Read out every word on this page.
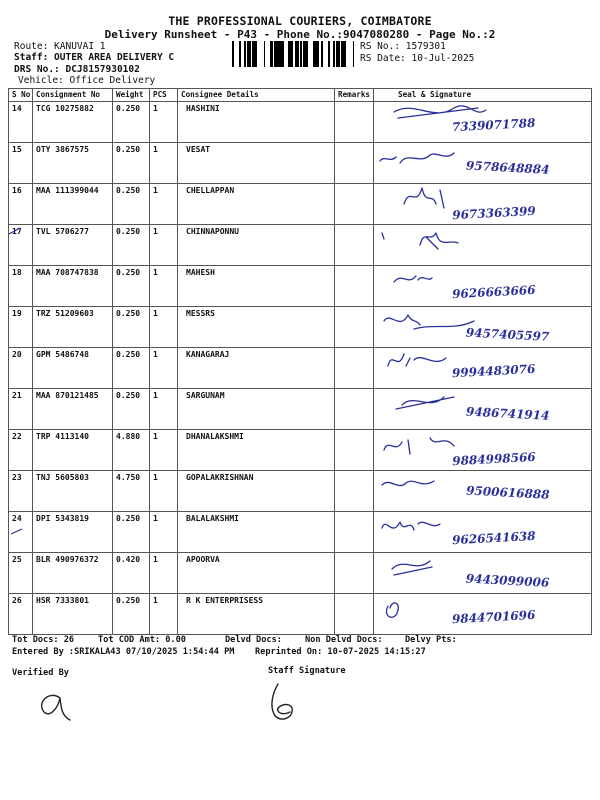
THE PROFESSIONAL COURIERS, COIMBATORE
Delivery Runsheet - P43 - Phone No.:9047080280 - Page No.:2
Route: KANUVAI 1
Staff: OUTER AREA DELIVERY C
DRS No.: DCJ8157930102
Vehicle: Office Delivery
RS No.: 1579301
RS Date: 10-Jul-2025
S No	Consignment No	Weight	PCS	Consignee Details	Remarks	Seal & Signature
14	TCG 10275882	0.250	1	HASHINI		7339071788

15	OTY 3867575	0.250	1	VESAT		9578648884

16	MAA 111399044	0.250	1	CHELLAPPAN		9673363399

17	TVL 5706277	0.250	1	CHINNAPONNU		

18	MAA 708747838	0.250	1	MAHESH		9626663666

19	TRZ 51209603	0.250	1	MESSRS		9457405597

20	GPM 5486748	0.250	1	KANAGARAJ		9994483076

21	MAA 870121485	0.250	1	SARGUNAM		9486741914

22	TRP 4113140	4.880	1	DHANALAKSHMI		9884998566

23	TNJ 5605803	4.750	1	GOPALAKRISHNAN		9500616888

24	DPI 5343819	0.250	1	BALALAKSHMI		9626541638

25	BLR 490976372	0.420	1	APOORVA		9443099006

26	HSR 7333801	0.250	1	R K ENTERPRISESS		9844701696
Tot Docs: 26	Tot COD Amt: 0.00	Delvd Docs:	Non Delvd Docs:	Delvy Pts:
Entered By :SRIKALA43 07/10/2025 1:54:44 PM Reprinted On: 10-07-2025 14:15:27
Verified By	Staff Signature
